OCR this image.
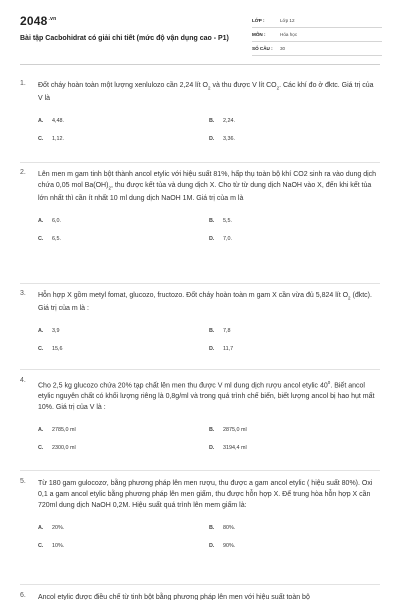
$2048^{.vn}$
Bài tập Cacbohidrat có giải chi tiết (mức độ vận dụng cao - P1)
LỚP :	Lớp 12
MÔN :	Hóa học
SỐ CÂU :	30
1. Đốt cháy hoàn toàn một lượng xenlulozo cần 2,24 lít $O_2$ và thu được V lít $CO_2$. Các khí đo ở đktc. Giá trị của V là
A. 4,48.	B. 2,24.
C. 1,12.	D. 3,36.
2. Lên men m gam tinh bột thành ancol etylic với hiệu suất 81%, hấp thụ toàn bộ khí CO2 sinh ra vào dung dịch chứa 0,05 mol $Ba(OH)_2$, thu được kết tủa và dung dịch X. Cho từ từ dung dịch NaOH vào X, đến khi kết tủa lớn nhất thì cần ít nhất 10 ml dung dịch NaOH 1M. Giá trị của m là
A. 6,0.	B. 5,5.
C. 6,5.	D. 7,0.
3. Hỗn hợp X gồm metyl fomat, glucozo, fructozo. Đốt cháy hoàn toàn m gam X cần vừa đủ 5,824 lít $O_2$ (đktc). Giá trị của m là :
A. 3,9	B. 7,8
C. 15,6	D. 11,7
4.
Cho 2,5 kg glucozo chứa 20% tạp chất lên men thu được V ml dung dịch rượu ancol etylic $40^0$. Biết ancol etylic nguyên chất có khối lượng riêng là 0,8g/ml và trong quá trình chế biến, biết lượng ancol bị hao hụt mất 10%. Giá trị của V là :
A. 2785,0 ml	B. 2875,0 ml
C. 2300,0 ml	D. 3194,4 ml
5. Từ 180 gam gulocozơ, bằng phương pháp lên men rượu, thu được a gam ancol etylic ( hiệu suất 80%). Oxi 0,1 a gam ancol etylic bằng phương pháp lên men giấm, thu được hỗn hợp X. Để trung hòa hỗn hợp X cần 720ml dung dịch NaOH 0,2M. Hiệu suất quá trình lên mem giấm là:
A. 20%.	B. 80%.
C. 10%.	D. 90%.
6. Ancol etylic được điều chế từ tinh bột bằng phương pháp lên men với hiệu suất toàn bộ
